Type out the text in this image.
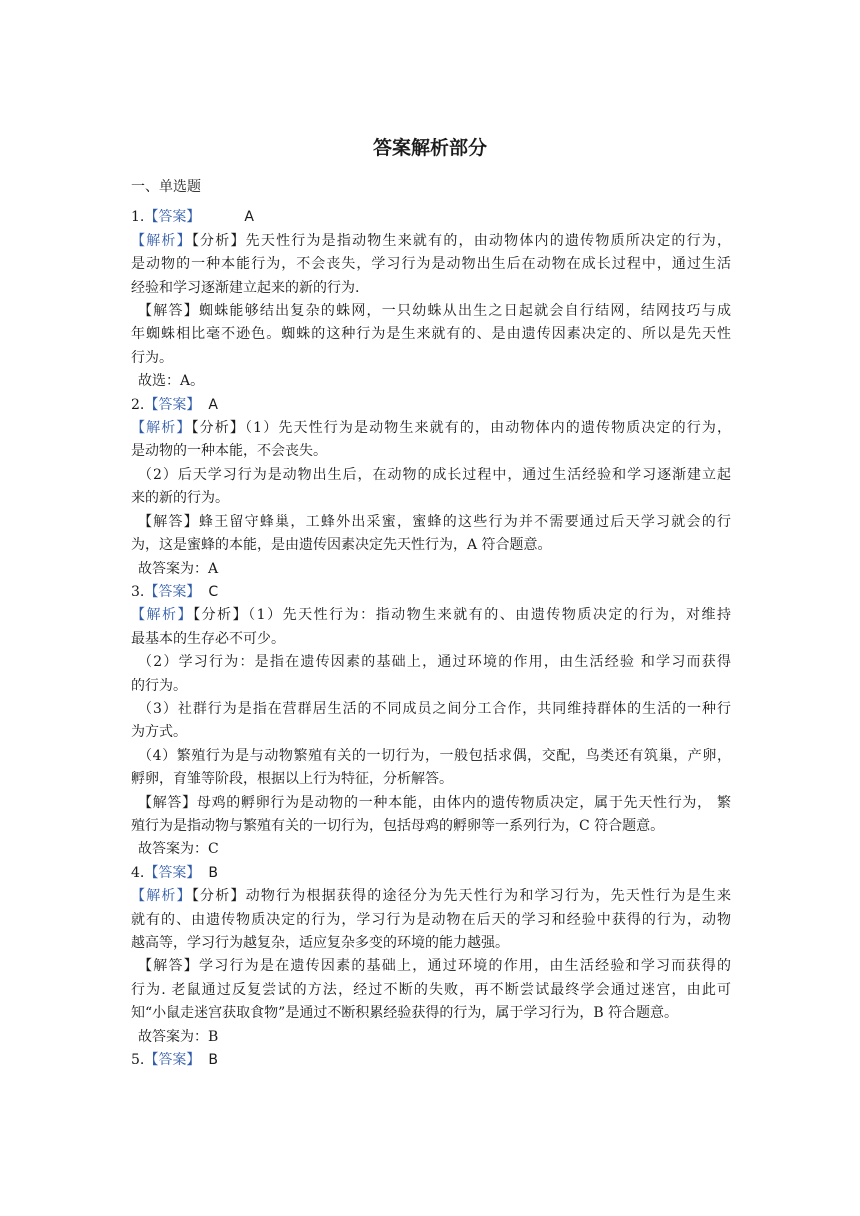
答案解析部分

一、单选题

1.【答案】	A

【解析】【分析】先天性行为是指动物生来就有的，由动物体内的遗传物质所决定的行为，

是动物的一种本能行为，不会丧失，学习行为是动物出生后在动物在成长过程中，通过生活

经验和学习逐渐建立起来的新的行为.

【解答】蜘蛛能够结出复杂的蛛网，一只幼蛛从出生之日起就会自行结网，结网技巧与成

年蜘蛛相比毫不逊色。蜘蛛的这种行为是生来就有的、是由遗传因素决定的、所以是先天性

行为。

故选：A。

2.【答案】 A

【解析】【分析】（1）先天性行为是动物生来就有的，由动物体内的遗传物质决定的行为，

是动物的一种本能，不会丧失。

（2）后天学习行为是动物出生后，在动物的成长过程中，通过生活经验和学习逐渐建立起

来的新的行为。

【解答】蜂王留守蜂巢，工蜂外出采蜜，蜜蜂的这些行为并不需要通过后天学习就会的行

为，这是蜜蜂的本能，是由遗传因素决定先天性行为，A 符合题意。

故答案为：A

3.【答案】 C

【解析】【分析】（1）先天性行为：指动物生来就有的、由遗传物质决定的行为，对维持

最基本的生存必不可少。

（2）学习行为：是指在遗传因素的基础上，通过环境的作用，由生活经验 和学习而获得

的行为。

（3）社群行为是指在营群居生活的不同成员之间分工合作，共同维持群体的生活的一种行

为方式。

（4）繁殖行为是与动物繁殖有关的一切行为，一般包括求偶，交配，鸟类还有筑巢，产卵，

孵卵，育雏等阶段，根据以上行为特征，分析解答。

【解答】母鸡的孵卵行为是动物的一种本能，由体内的遗传物质决定，属于先天性行为， 繁

殖行为是指动物与繁殖有关的一切行为，包括母鸡的孵卵等一系列行为，C 符合题意。

故答案为：C

4.【答案】 B

【解析】【分析】动物行为根据获得的途径分为先天性行为和学习行为，先天性行为是生来

就有的、由遗传物质决定的行为，学习行为是动物在后天的学习和经验中获得的行为，动物

越高等，学习行为越复杂，适应复杂多变的环境的能力越强。

【解答】学习行为是在遗传因素的基础上，通过环境的作用，由生活经验和学习而获得的

行为. 老鼠通过反复尝试的方法，经过不断的失败，再不断尝试最终学会通过迷宫，由此可

知“小鼠走迷宫获取食物”是通过不断积累经验获得的行为，属于学习行为，B 符合题意。

故答案为：B

5.【答案】 B
